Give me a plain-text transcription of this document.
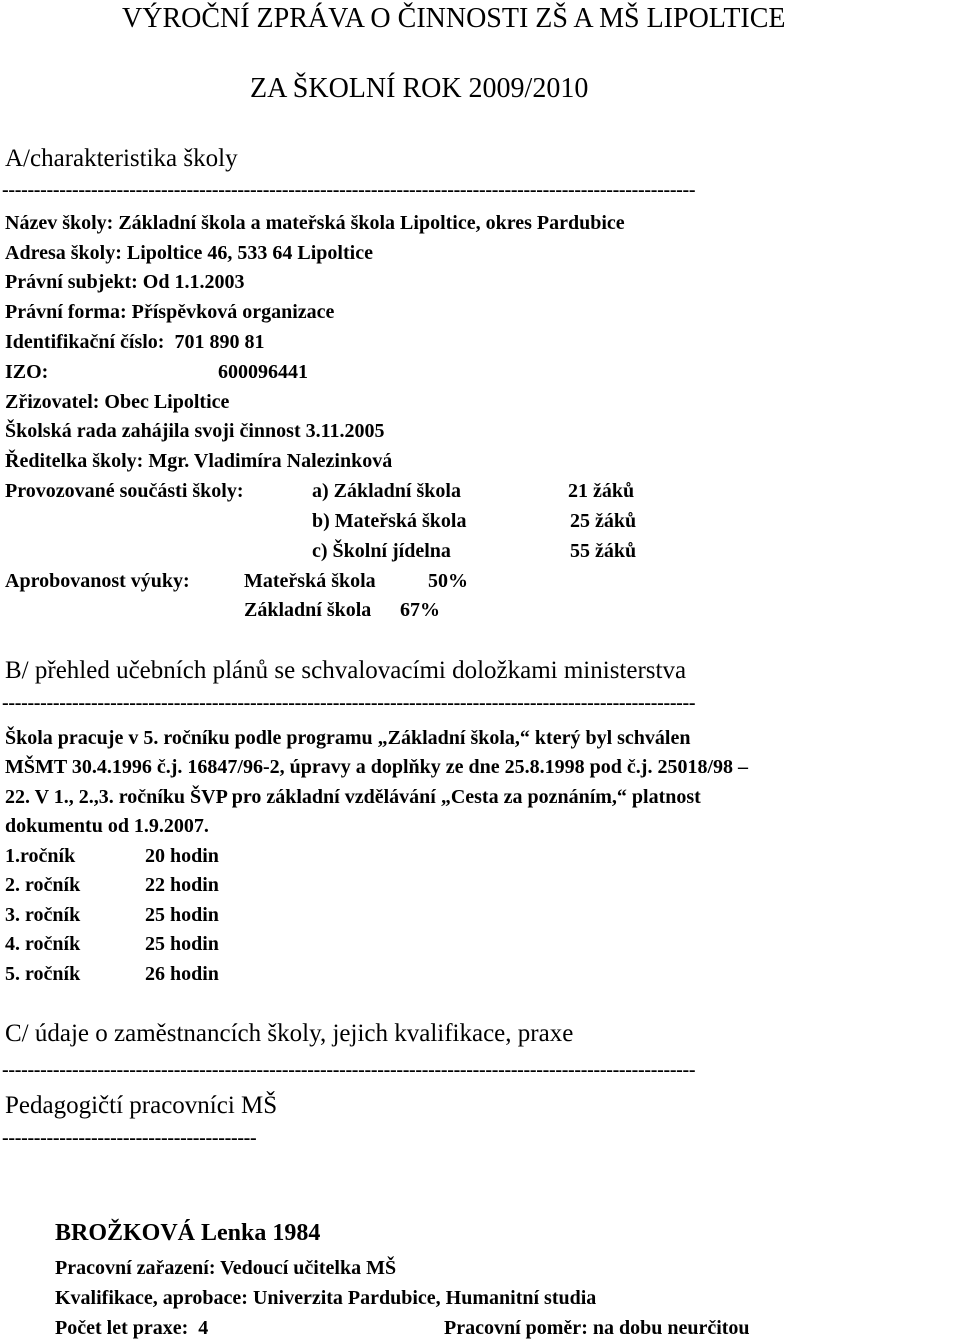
VÝROČNÍ ZPRÁVA O ČINNOSTI ZŠ A MŠ LIPOLTICE
ZA ŠKOLNÍ ROK 2009/2010
A/charakteristika školy
-------------------------------------------------------------------------------------------------------------
Název školy: Základní škola a mateřská škola Lipoltice, okres Pardubice
Adresa školy: Lipoltice 46, 533 64 Lipoltice
Právní subjekt: Od 1.1.2003
Právní forma: Příspěvková organizace
Identifikační číslo:  701 890 81
IZO:	600096441
Zřizovatel: Obec Lipoltice
Školská rada zahájila svoji činnost 3.11.2005
Ředitelka školy: Mgr. Vladimíra Nalezinková
Provozované součásti školy:	a) Základní škola	21 žáků
b) Mateřská škola	25 žáků
c) Školní jídelna	55 žáků
Aprobovanost výuky:	Mateřská škola	50%
Základní škola 67%
B/ přehled učebních plánů se schvalovacími doložkami ministerstva
-------------------------------------------------------------------------------------------------------------
Škola pracuje v 5. ročníku podle programu „Základní škola,“ který byl schválen
MŠMT 30.4.1996 č.j. 16847/96-2, úpravy a doplňky ze dne 25.8.1998 pod č.j. 25018/98 –
22. V 1., 2.,3. ročníku ŠVP pro základní vzdělávání „Cesta za poznáním,“ platnost
dokumentu od 1.9.2007.
1.ročník	20 hodin
2. ročník	22 hodin
3. ročník	25 hodin
4. ročník	25 hodin
5. ročník	26 hodin
C/ údaje o zaměstnancích školy, jejich kvalifikace, praxe
-------------------------------------------------------------------------------------------------------------
Pedagogičtí pracovníci MŠ
----------------------------------------
BROŽKOVÁ Lenka 1984
Pracovní zařazení: Vedoucí učitelka MŠ
Kvalifikace, aprobace: Univerzita Pardubice, Humanitní studia
Počet let praxe:  4	Pracovní poměr: na dobu neurčitou
